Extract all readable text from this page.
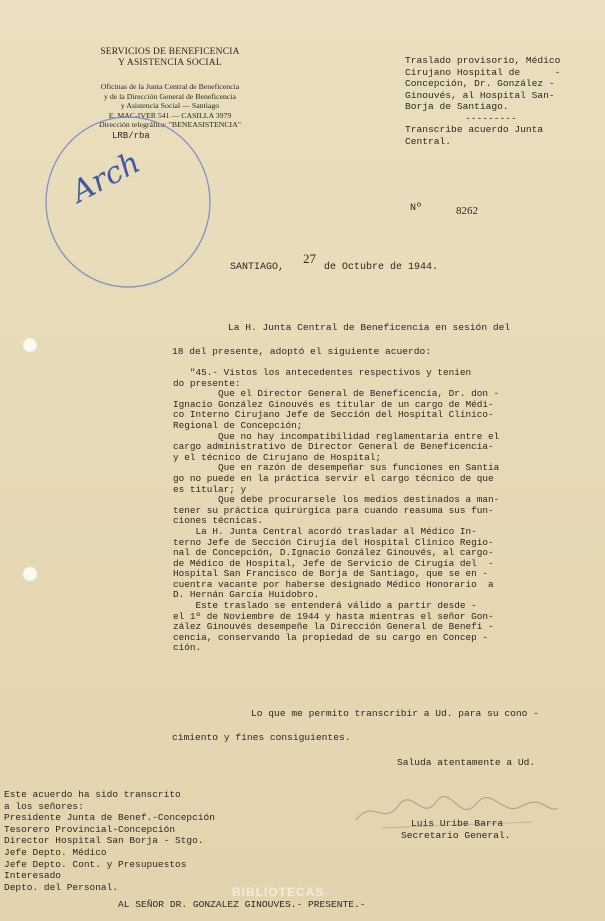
SERVICIOS DE BENEFICENCIA
Y ASISTENCIA SOCIAL
Oficinas de la Junta Central de Beneficencia
y de la Dirección General de Beneficencia
y Asistencia Social — Santiago
E. MAC-IVER 541 — CASILLA 3979
Dirección telegráfica: "BENEASISTENCIA"
LRB/rba
Arch
Traslado provisorio, Médico
Cirujano Hospital de      -
Concepción, Dr. González -
Ginouvés, al Hospital San-
Borja de Santiago.
---------
Transcribe acuerdo Junta
Central.
Nº	8262
SANTIAGO,
27
de Octubre de 1944.
La H. Junta Central de Beneficencia en sesión del
18 del presente, adoptó el siguiente acuerdo:
"45.- Vistos los antecedentes respectivos y tenien
do presente:
Que el Director General de Beneficencia, Dr. don -
Ignacio González Ginouvés es titular de un cargo de Médi-
co Interno Cirujano Jefe de Sección del Hospital Clínico-
Regional de Concepción;
Que no hay incompatibilidad reglamentaria entre el
cargo administrativo de Director General de Beneficencia-
y el técnico de Cirujano de Hospital;
Que en razón de desempeñar sus funciones en Santia
go no puede en la práctica servir el cargo técnico de que
es titular; y
Que debe procurarsele los medios destinados a man-
tener su práctica quirúrgica para cuando reasuma sus fun-
ciones técnicas.
La H. Junta Central acordó trasladar al Médico In-
terno Jefe de Sección Cirujía del Hospital Clínico Regio-
nal de Concepción, D.Ignacio González Ginouvés, al cargo-
de Médico de Hospital, Jefe de Servicio de Cirugía del  -
Hospital San Francisco de Borja de Santiago, que se en -
cuentra vacante por haberse designado Médico Honorario  a
D. Hernán García Huidobro.
Este traslado se entenderá válido a partir desde -
el 1º de Noviembre de 1944 y hasta mientras el señor Gon-
zález Ginouvés desempeñe la Dirección General de Benefi -
cencia, conservando la propiedad de su cargo en Concep -
ción.
Lo que me permito transcribir a Ud. para su cono -
cimiento y fines consiguientes.
Saluda atentamente a Ud.
Luis Uribe Barra
Secretario General.
Este acuerdo ha sido transcrito
a los señores:
Presidente Junta de Benef.-Concepción
Tesorero Provincial-Concepción
Director Hospital San Borja - Stgo.
Jefe Depto. Médico
Jefe Depto. Cont. y Presupuestos
Interesado
Depto. del Personal.
AL SEÑOR DR. GONZALEZ GINOUVES.- PRESENTE.-
BIBLIOTECAS
